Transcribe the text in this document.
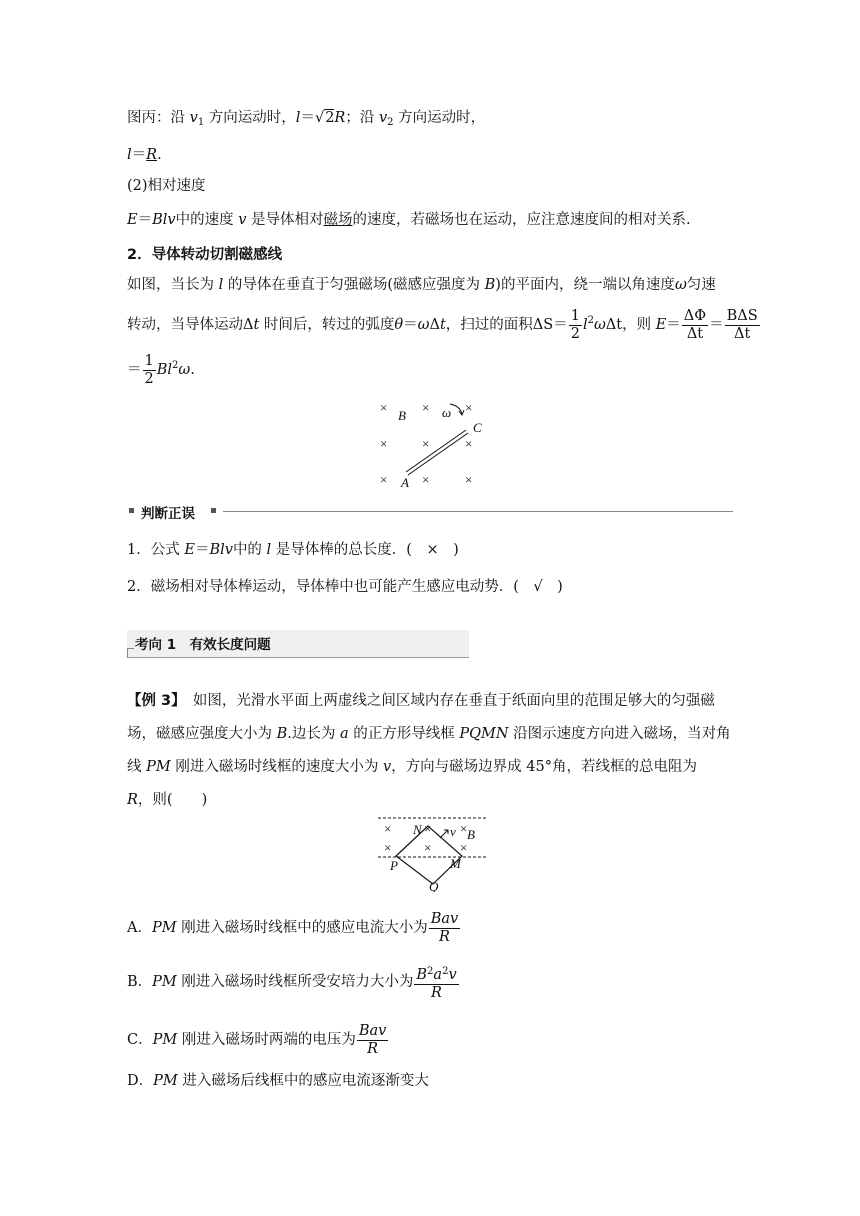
图丙：沿 $v_1$ 方向运动时，l＝√2R；沿 $v_2$ 方向运动时，
l＝R.
(2)相对速度
E＝Blv中的速度 v 是导体相对磁场的速度，若磁场也在运动，应注意速度间的相对关系.
2．导体转动切割磁感线
如图，当长为 l 的导体在垂直于匀强磁场(磁感应强度为 B)的平面内，绕一端以角速度ω匀速
转动，当导体运动Δt 时间后，转过的弧度θ＝ωΔt，扫过的面积$\Delta S= \frac{1}{2} l^2\omega\Delta t$，则 $E= \frac{\Delta\Phi}{\Delta t} = \frac{\text{BΔS}}{\Delta t}$
＝ $\frac{1}{2} Bl^2\omega$.
×	×	×
B	ω
C
×	×	×
× A ×	×
判断正误
1．公式 E＝Blv中的 l 是导体棒的总长度．(　×　)
2．磁场相对导体棒运动，导体棒中也可能产生感应电动势．(　√　)
考向 1　有效长度问题
【例 3】　如图，光滑水平面上两虚线之间区域内存在垂直于纸面向里的范围足够大的匀强磁
场，磁感应强度大小为 B.边长为 a 的正方形导线框 PQMN 沿图示速度方向进入磁场，当对角
线 PM 刚进入磁场时线框的速度大小为 v，方向与磁场边界成 45°角，若线框的总电阻为
R，则(　　)
×	× ×
×	× ×
N v B
P	M
Q
A．PM 刚进入磁场时线框中的感应电流大小为 $\frac{\text{Bav}}{R}$
B．PM 刚进入磁场时线框所受安培力大小为 $\frac{B^2a^2v}{R}$
C．PM 刚进入磁场时两端的电压为 $\frac{\text{Bav}}{R}$
D．PM 进入磁场后线框中的感应电流逐渐变大
